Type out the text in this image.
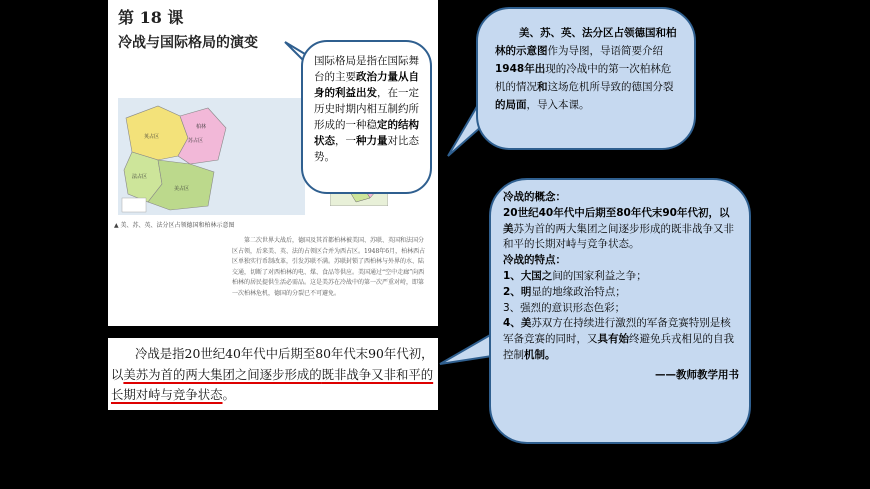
第 18 课
冷战与国际格局的演变
英占区
苏占区
法占区
美占区
柏林
▲ 美、苏、英、法分区占领德国和柏林示意图
第二次世界大战后，德国及其首都柏林被美国、苏联、英国和法国分区占领，后来美、英、法的占领区合并为西占区。1948年6月，柏林西占区单独实行币制改革，引发苏联不满。苏联封锁了西柏林与外界的水、陆交通，切断了对西柏林的电、煤、食品等供应。美国通过“空中走廊”向西柏林的居民提供生活必需品。这是美苏在冷战中的第一次严重对峙，即第一次柏林危机，德国的分裂已不可避免。
国际格局是指在国际舞台的主要政治力量从自身的利益出发，在一定历史时期内相互制约所形成的一种稳定的结构状态，一种力量对比态势。
美、苏、英、法分区占领德国和柏林的示意图作为导图，导语简要介绍1948年出现的冷战中的第一次柏林危机的情况和这场危机所导致的德国分裂的局面，导入本课。
冷战的概念：
20世纪40年代中后期至80年代末90年代初，以美苏为首的两大集团之间逐步形成的既非战争又非和平的长期对峙与竞争状态。
冷战的特点：
1、大国之间的国家利益之争；
2、明显的地缘政治特点；
3、强烈的意识形态色彩；
4、美苏双方在持续进行激烈的军备竞赛特别是核军备竞赛的同时，又具有始终避免兵戎相见的自我控制机制。
——教师教学用书
冷战是指20世纪40年代中后期至80年代末90年代初，以美苏为首的两大集团之间逐步形成的既非战争又非和平的长期对峙与竞争状态。
